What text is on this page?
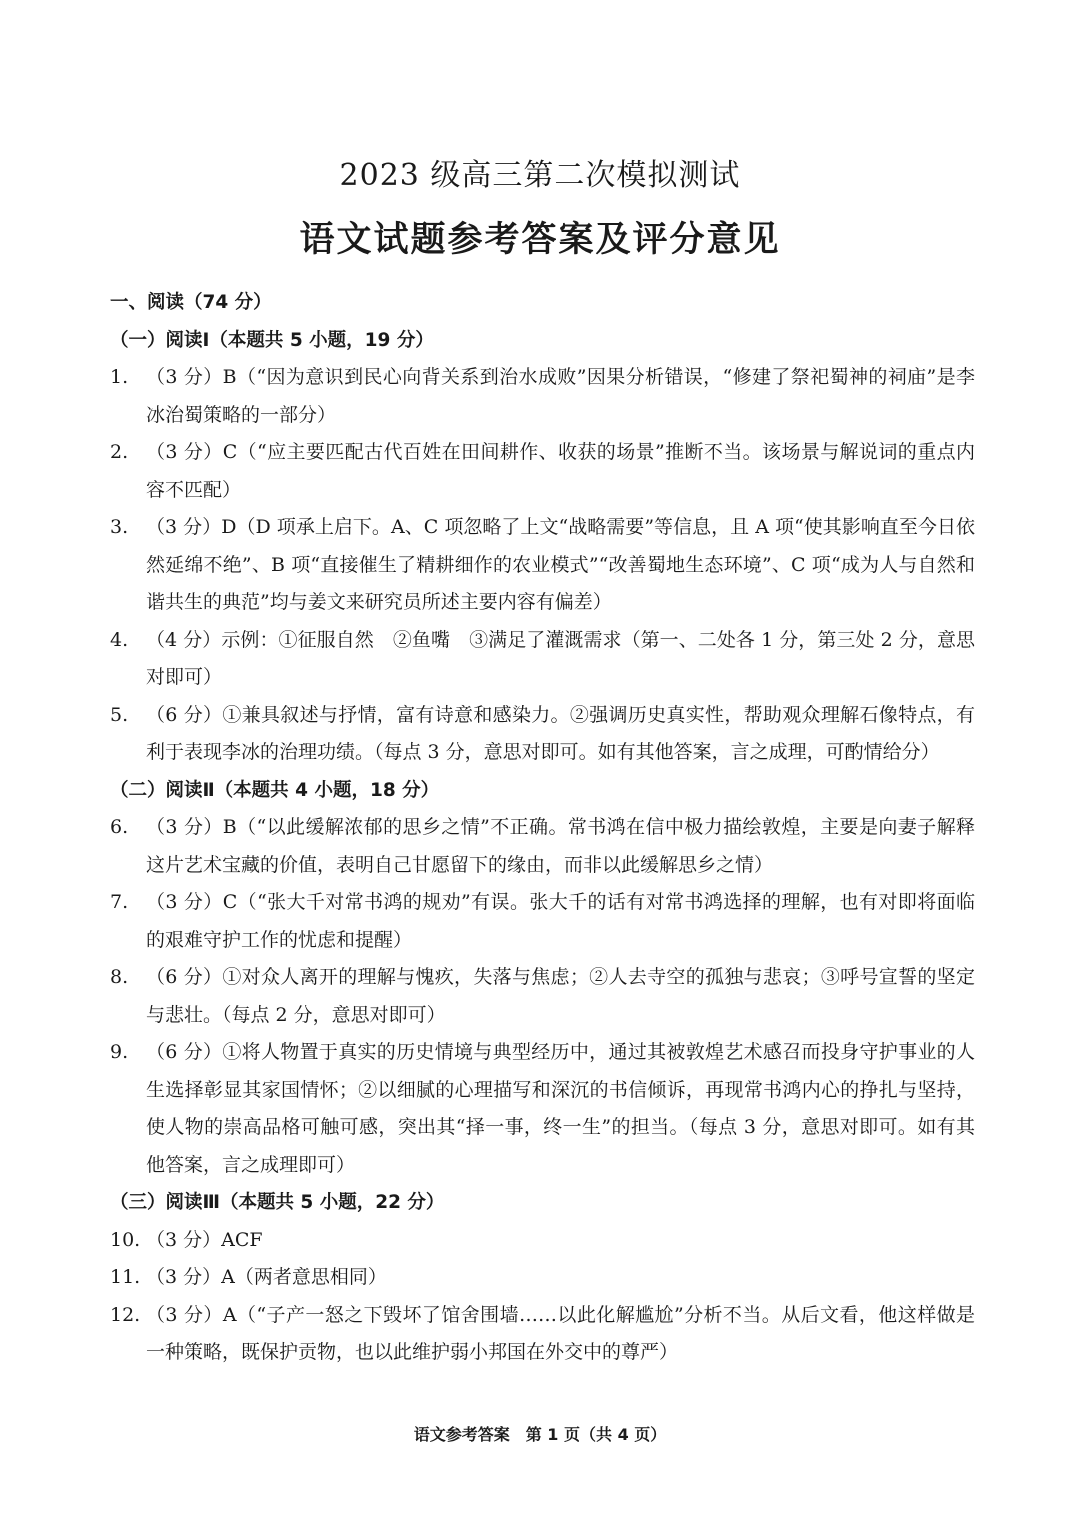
2023 级高三第二次模拟测试
语文试题参考答案及评分意见
一、阅读（74 分）
（一）阅读Ⅰ（本题共 5 小题，19 分）
1. （3 分）B（“因为意识到民心向背关系到治水成败”因果分析错误，“修建了祭祀蜀神的祠庙”是李冰治蜀策略的一部分）
2. （3 分）C（“应主要匹配古代百姓在田间耕作、收获的场景”推断不当。该场景与解说词的重点内容不匹配）
3. （3 分）D（D 项承上启下。A、C 项忽略了上文“战略需要”等信息，且 A 项“使其影响直至今日依然延绵不绝”、B 项“直接催生了精耕细作的农业模式”“改善蜀地生态环境”、C 项“成为人与自然和谐共生的典范”均与姜文来研究员所述主要内容有偏差）
4. （4 分）示例：①征服自然　②鱼嘴　③满足了灌溉需求（第一、二处各 1 分，第三处 2 分，意思对即可）
5. （6 分）①兼具叙述与抒情，富有诗意和感染力。②强调历史真实性，帮助观众理解石像特点，有利于表现李冰的治理功绩。（每点 3 分，意思对即可。如有其他答案，言之成理，可酌情给分）
（二）阅读Ⅱ（本题共 4 小题，18 分）
6. （3 分）B（“以此缓解浓郁的思乡之情”不正确。常书鸿在信中极力描绘敦煌，主要是向妻子解释这片艺术宝藏的价值，表明自己甘愿留下的缘由，而非以此缓解思乡之情）
7. （3 分）C（“张大千对常书鸿的规劝”有误。张大千的话有对常书鸿选择的理解，也有对即将面临的艰难守护工作的忧虑和提醒）
8. （6 分）①对众人离开的理解与愧疚，失落与焦虑；②人去寺空的孤独与悲哀；③呼号宣誓的坚定与悲壮。（每点 2 分，意思对即可）
9. （6 分）①将人物置于真实的历史情境与典型经历中，通过其被敦煌艺术感召而投身守护事业的人生选择彰显其家国情怀；②以细腻的心理描写和深沉的书信倾诉，再现常书鸿内心的挣扎与坚持，使人物的崇高品格可触可感，突出其“择一事，终一生”的担当。（每点 3 分，意思对即可。如有其他答案，言之成理即可）
（三）阅读Ⅲ（本题共 5 小题，22 分）
10. （3 分）ACF
11. （3 分）A（两者意思相同）
12. （3 分）A（“子产一怒之下毁坏了馆舍围墙……以此化解尴尬”分析不当。从后文看，他这样做是一种策略，既保护贡物，也以此维护弱小邦国在外交中的尊严）
语文参考答案　第 1 页（共 4 页）
